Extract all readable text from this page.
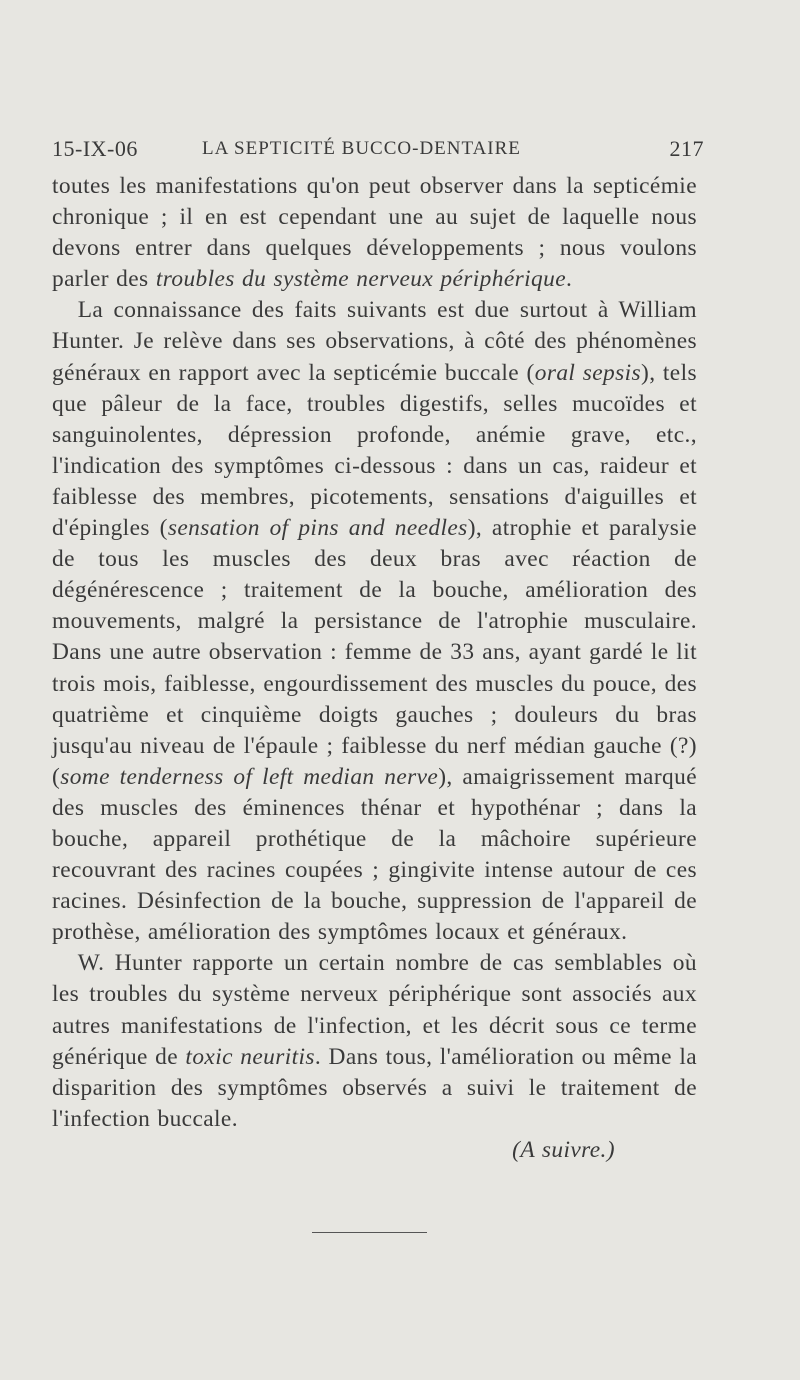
15-IX-06	LA SEPTICITÉ BUCCO-DENTAIRE	217

toutes les manifestations qu'on peut observer dans la septicémie chronique ; il en est cependant une au sujet de laquelle nous devons entrer dans quelques développements ; nous voulons parler des troubles du système nerveux périphérique.

La connaissance des faits suivants est due surtout à William Hunter. Je relève dans ses observations, à côté des phénomènes généraux en rapport avec la septicémie buccale (oral sepsis), tels que pâleur de la face, troubles digestifs, selles mucoïdes et sanguinolentes, dépression profonde, anémie grave, etc., l'indication des symptômes ci-dessous : dans un cas, raideur et faiblesse des membres, picotements, sensations d'aiguilles et d'épingles (sensation of pins and needles), atrophie et paralysie de tous les muscles des deux bras avec réaction de dégénérescence ; traitement de la bouche, amélioration des mouvements, malgré la persistance de l'atrophie musculaire. Dans une autre observation : femme de 33 ans, ayant gardé le lit trois mois, faiblesse, engourdissement des muscles du pouce, des quatrième et cinquième doigts gauches ; douleurs du bras jusqu'au niveau de l'épaule ; faiblesse du nerf médian gauche (?) (some tenderness of left median nerve), amaigrissement marqué des muscles des éminences thénar et hypothénar ; dans la bouche, appareil prothétique de la mâchoire supérieure recouvrant des racines coupées ; gingivite intense autour de ces racines. Désinfection de la bouche, suppression de l'appareil de prothèse, amélioration des symptômes locaux et généraux.

W. Hunter rapporte un certain nombre de cas semblables où les troubles du système nerveux périphérique sont associés aux autres manifestations de l'infection, et les décrit sous ce terme générique de toxic neuritis. Dans tous, l'amélioration ou même la disparition des symptômes observés a suivi le traitement de l'infection buccale.

(A suivre.)
